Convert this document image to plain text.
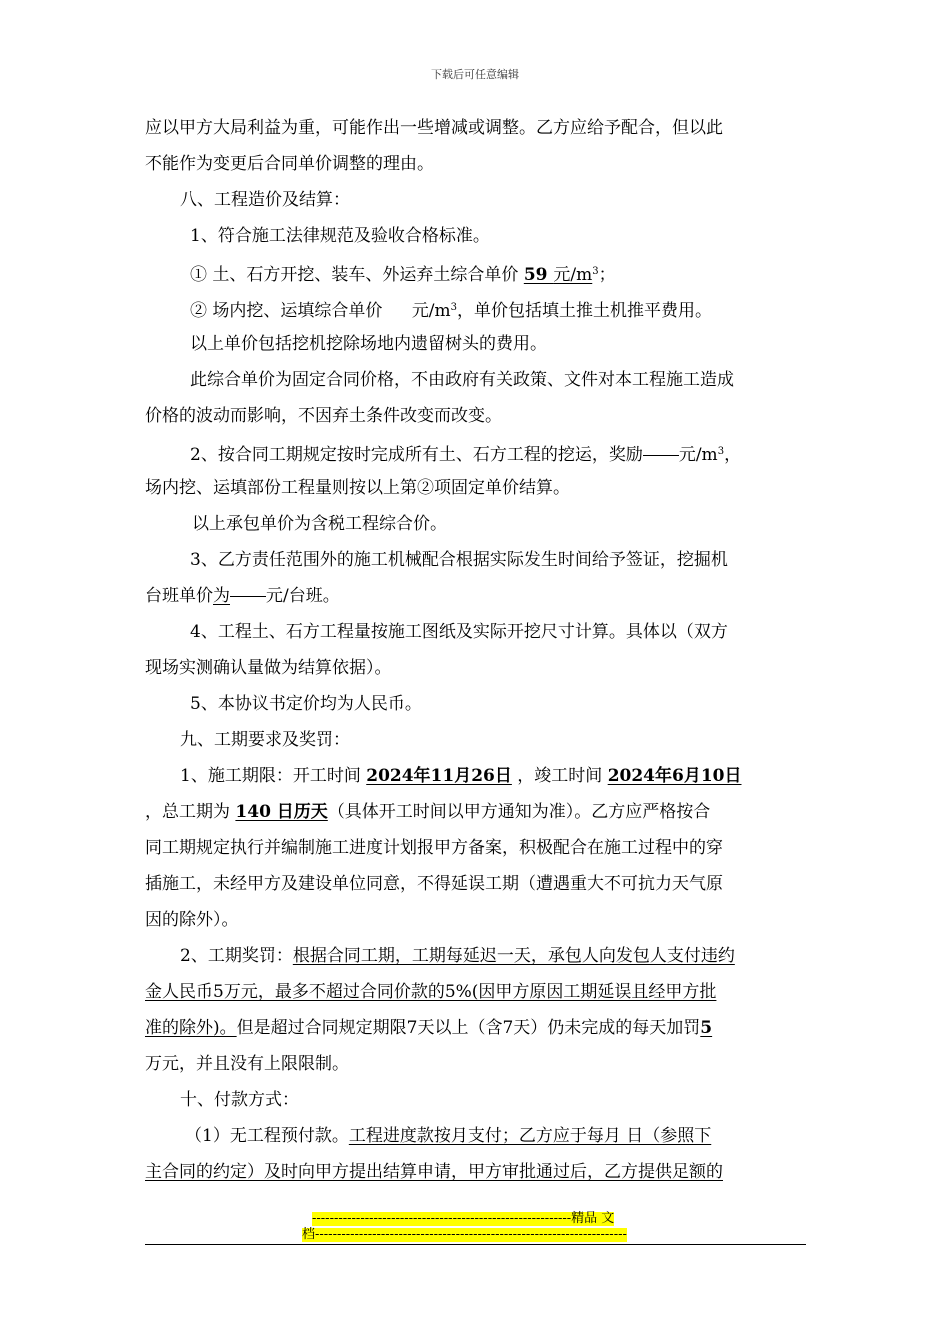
下载后可任意编辑
应以甲方大局利益为重，可能作出一些增减或调整。乙方应给予配合，但以此
不能作为变更后合同单价调整的理由。
八、工程造价及结算：
1、符合施工法律规范及验收合格标准。
① 土、石方开挖、装车、外运弃土综合单价 59 元$/m^3$；
② 场内挖、运填综合单价 元$/m^3$，单价包括填土推土机推平费用。
以上单价包括挖机挖除场地内遗留树头的费用。
此综合单价为固定合同价格，不由政府有关政策、文件对本工程施工造成
价格的波动而影响，不因弃土条件改变而改变。
2、按合同工期规定按时完成所有土、石方工程的挖运，奖励 元$/m^3$，
场内挖、运填部份工程量则按以上第②项固定单价结算。
以上承包单价为含税工程综合价。
3、乙方责任范围外的施工机械配合根据实际发生时间给予签证，挖掘机
台班单价为 元/台班。
4、工程土、石方工程量按施工图纸及实际开挖尺寸计算。具体以（双方
现场实测确认量做为结算依据）。
5、本协议书定价均为人民币。
九、工期要求及奖罚：
1、施工期限：开工时间 2024年11月26日 ，竣工时间 2024年6月10日
，总工期为 140 日历天（具体开工时间以甲方通知为准）。乙方应严格按合
同工期规定执行并编制施工进度计划报甲方备案，积极配合在施工过程中的穿
插施工，未经甲方及建设单位同意，不得延误工期（遭遇重大不可抗力天气原
因的除外）。
2、工期奖罚：根据合同工期，工期每延迟一天，承包人向发包人支付违约
金人民币5万元，最多不超过合同价款的5%(因甲方原因工期延误且经甲方批
准的除外)。但是超过合同规定期限7天以上（含7天）仍未完成的每天加罚5
万元，并且没有上限限制。
十、付款方式：
（1）无工程预付款。工程进度款按月支付；乙方应于每月 日（参照下
主合同的约定）及时向甲方提出结算申请，甲方审批通过后，乙方提供足额的
-----------------------------------------------------------精品 文
档-----------------------------------------------------------------------
